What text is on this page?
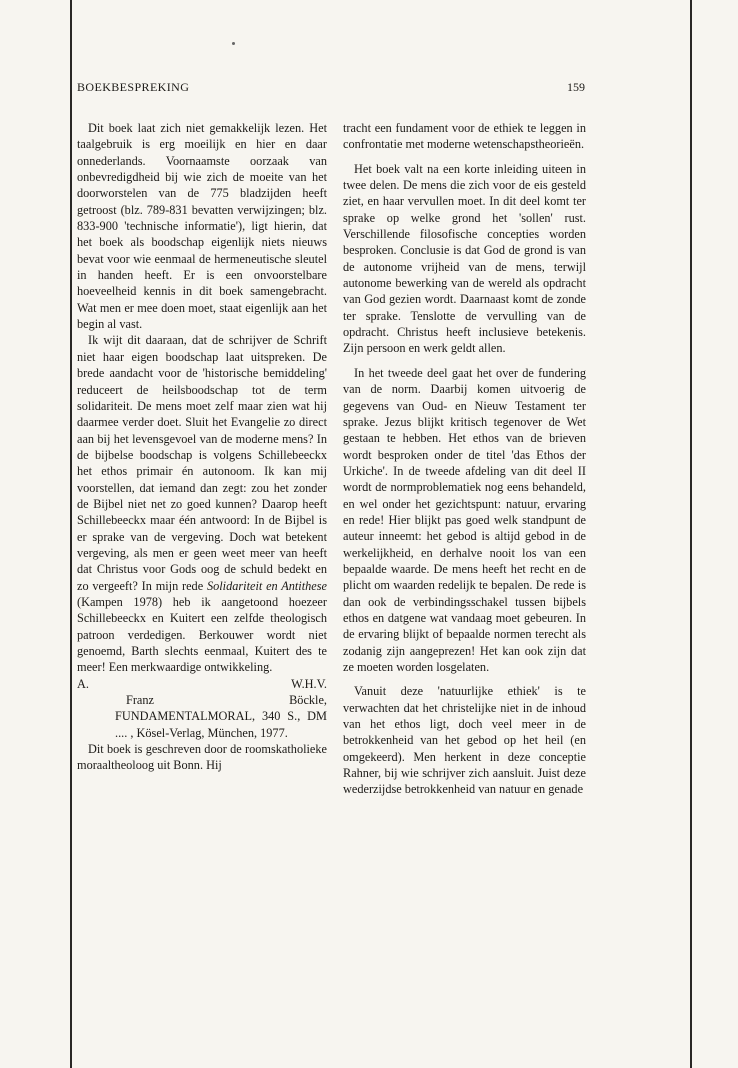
BOEKBESPREKING	159

Dit boek laat zich niet gemakkelijk lezen. Het taalgebruik is erg moeilijk en hier en daar onnederlands. Voornaamste oorzaak van onbevredigdheid bij wie zich de moeite van het doorworstelen van de 775 bladzijden heeft getroost (blz. 789-831 bevatten verwijzingen; blz. 833-900 'technische informatie'), ligt hierin, dat het boek als boodschap eigenlijk niets nieuws bevat voor wie eenmaal de hermeneutische sleutel in handen heeft. Er is een onvoorstelbare hoeveelheid kennis in dit boek samengebracht. Wat men er mee doen moet, staat eigenlijk aan het begin al vast.

Ik wijt dit daaraan, dat de schrijver de Schrift niet haar eigen boodschap laat uitspreken. De brede aandacht voor de 'historische bemiddeling' reduceert de heilsboodschap tot de term solidariteit. De mens moet zelf maar zien wat hij daarmee verder doet. Sluit het Evangelie zo direct aan bij het levensgevoel van de moderne mens? In de bijbelse boodschap is volgens Schillebeeckx het ethos primair én autonoom. Ik kan mij voorstellen, dat iemand dan zegt: zou het zonder de Bijbel niet net zo goed kunnen? Daarop heeft Schillebeeckx maar één antwoord: In de Bijbel is er sprake van de vergeving. Doch wat betekent vergeving, als men er geen weet meer van heeft dat Christus voor Gods oog de schuld bedekt en zo vergeeft? In mijn rede Solidariteit en Antithese (Kampen 1978) heb ik aangetoond hoezeer Schillebeeckx en Kuitert een zelfde theologisch patroon verdedigen. Berkouwer wordt niet genoemd, Barth slechts eenmaal, Kuitert des te meer! Een merkwaardige ontwikkeling.

A.	W.H.V.

Franz Böckle, FUNDAMENTALMORAL, 340 S., DM .... , Kösel-Verlag, München, 1977.

Dit boek is geschreven door de roomskatholieke moraaltheoloog uit Bonn. Hij

tracht een fundament voor de ethiek te leggen in confrontatie met moderne wetenschapstheorieën.

Het boek valt na een korte inleiding uiteen in twee delen. De mens die zich voor de eis gesteld ziet, en haar vervullen moet. In dit deel komt ter sprake op welke grond het 'sollen' rust. Verschillende filosofische concepties worden besproken. Conclusie is dat God de grond is van de autonome vrijheid van de mens, terwijl autonome bewerking van de wereld als opdracht van God gezien wordt. Daarnaast komt de zonde ter sprake. Tenslotte de vervulling van de opdracht. Christus heeft inclusieve betekenis. Zijn persoon en werk geldt allen.

In het tweede deel gaat het over de fundering van de norm. Daarbij komen uitvoerig de gegevens van Oud- en Nieuw Testament ter sprake. Jezus blijkt kritisch tegenover de Wet gestaan te hebben. Het ethos van de brieven wordt besproken onder de titel 'das Ethos der Urkiche'. In de tweede afdeling van dit deel II wordt de normproblematiek nog eens behandeld, en wel onder het gezichtspunt: natuur, ervaring en rede! Hier blijkt pas goed welk standpunt de auteur inneemt: het gebod is altijd gebod in de werkelijkheid, en derhalve nooit los van een bepaalde waarde. De mens heeft het recht en de plicht om waarden redelijk te bepalen. De rede is dan ook de verbindingsschakel tussen bijbels ethos en datgene wat vandaag moet gebeuren. In de ervaring blijkt of bepaalde normen terecht als zodanig zijn aangeprezen! Het kan ook zijn dat ze moeten worden losgelaten.

Vanuit deze 'natuurlijke ethiek' is te verwachten dat het christelijke niet in de inhoud van het ethos ligt, doch veel meer in de betrokkenheid van het gebod op het heil (en omgekeerd). Men herkent in deze conceptie Rahner, bij wie schrijver zich aansluit. Juist deze wederzijdse betrokkenheid van natuur en genade
